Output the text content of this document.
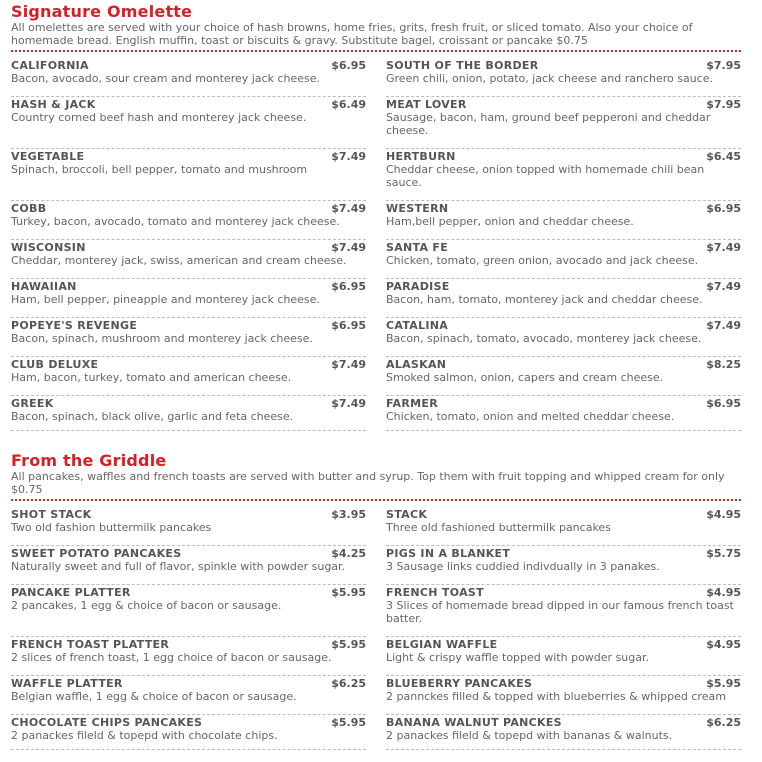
Signature Omelette
All omelettes are served with your choice of hash browns, home fries, grits, fresh fruit, or sliced tomato. Also your choice of homemade bread. English muffin, toast or biscuits & gravy. Substitute bagel, croissant or pancake $0.75
CALIFORNIA	$6.95
Bacon, avocado, sour cream and monterey jack cheese.
HASH & JACK	$6.49
Country corned beef hash and monterey jack cheese.
VEGETABLE	$7.49
Spinach, broccoli, bell pepper, tomato and mushroom
COBB	$7.49
Turkey, bacon, avocado, tomato and monterey jack cheese.
WISCONSIN	$7.49
Cheddar, monterey jack, swiss, american and cream cheese.
HAWAIIAN	$6.95
Ham, bell pepper, pineapple and monterey jack cheese.
POPEYE'S REVENGE	$6.95
Bacon, spinach, mushroom and monterey jack cheese.
CLUB DELUXE	$7.49
Ham, bacon, turkey, tomato and american cheese.
GREEK	$7.49
Bacon, spinach, black olive, garlic and feta cheese.
SOUTH OF THE BORDER	$7.95
Green chili, onion, potato, jack cheese and ranchero sauce.
MEAT LOVER	$7.95
Sausage, bacon, ham, ground beef pepperoni and cheddar cheese.
HERTBURN	$6.45
Cheddar cheese, onion topped with homemade chili bean sauce.
WESTERN	$6.95
Ham,bell pepper, onion and cheddar cheese.
SANTA FE	$7.49
Chicken, tomato, green onion, avocado and jack cheese.
PARADISE	$7.49
Bacon, ham, tomato, monterey jack and cheddar cheese.
CATALINA	$7.49
Bacon, spinach, tomato, avocado, monterey jack cheese.
ALASKAN	$8.25
Smoked salmon, onion, capers and cream cheese.
FARMER	$6.95
Chicken, tomato, onion and melted cheddar cheese.
From the Griddle
All pancakes, waffles and french toasts are served with butter and syrup. Top them with fruit topping and whipped cream for only $0.75
SHOT STACK	$3.95
Two old fashion buttermilk pancakes
SWEET POTATO PANCAKES	$4.25
Naturally sweet and full of flavor, spinkle with powder sugar.
PANCAKE PLATTER	$5.95
2 pancakes, 1 egg & choice of bacon or sausage.
FRENCH TOAST PLATTER	$5.95
2 slices of french toast, 1 egg choice of bacon or sausage.
WAFFLE PLATTER	$6.25
Belgian waffle, 1 egg & choice of bacon or sausage.
CHOCOLATE CHIPS PANCAKES	$5.95
2 panackes fileld & topepd with chocolate chips.
STACK	$4.95
Three old fashioned buttermilk pancakes
PIGS IN A BLANKET	$5.75
3 Sausage links cuddied indivdually in 3 panakes.
FRENCH TOAST	$4.95
3 Slices of homemade bread dipped in our famous french toast batter.
BELGIAN WAFFLE	$4.95
Light & crispy waffle topped with powder sugar.
BLUEBERRY PANCAKES	$5.95
2 pannckes filled & topped with blueberries & whipped cream
BANANA WALNUT PANCKES	$6.25
2 panackes fileld & topepd with bananas & walnuts.
